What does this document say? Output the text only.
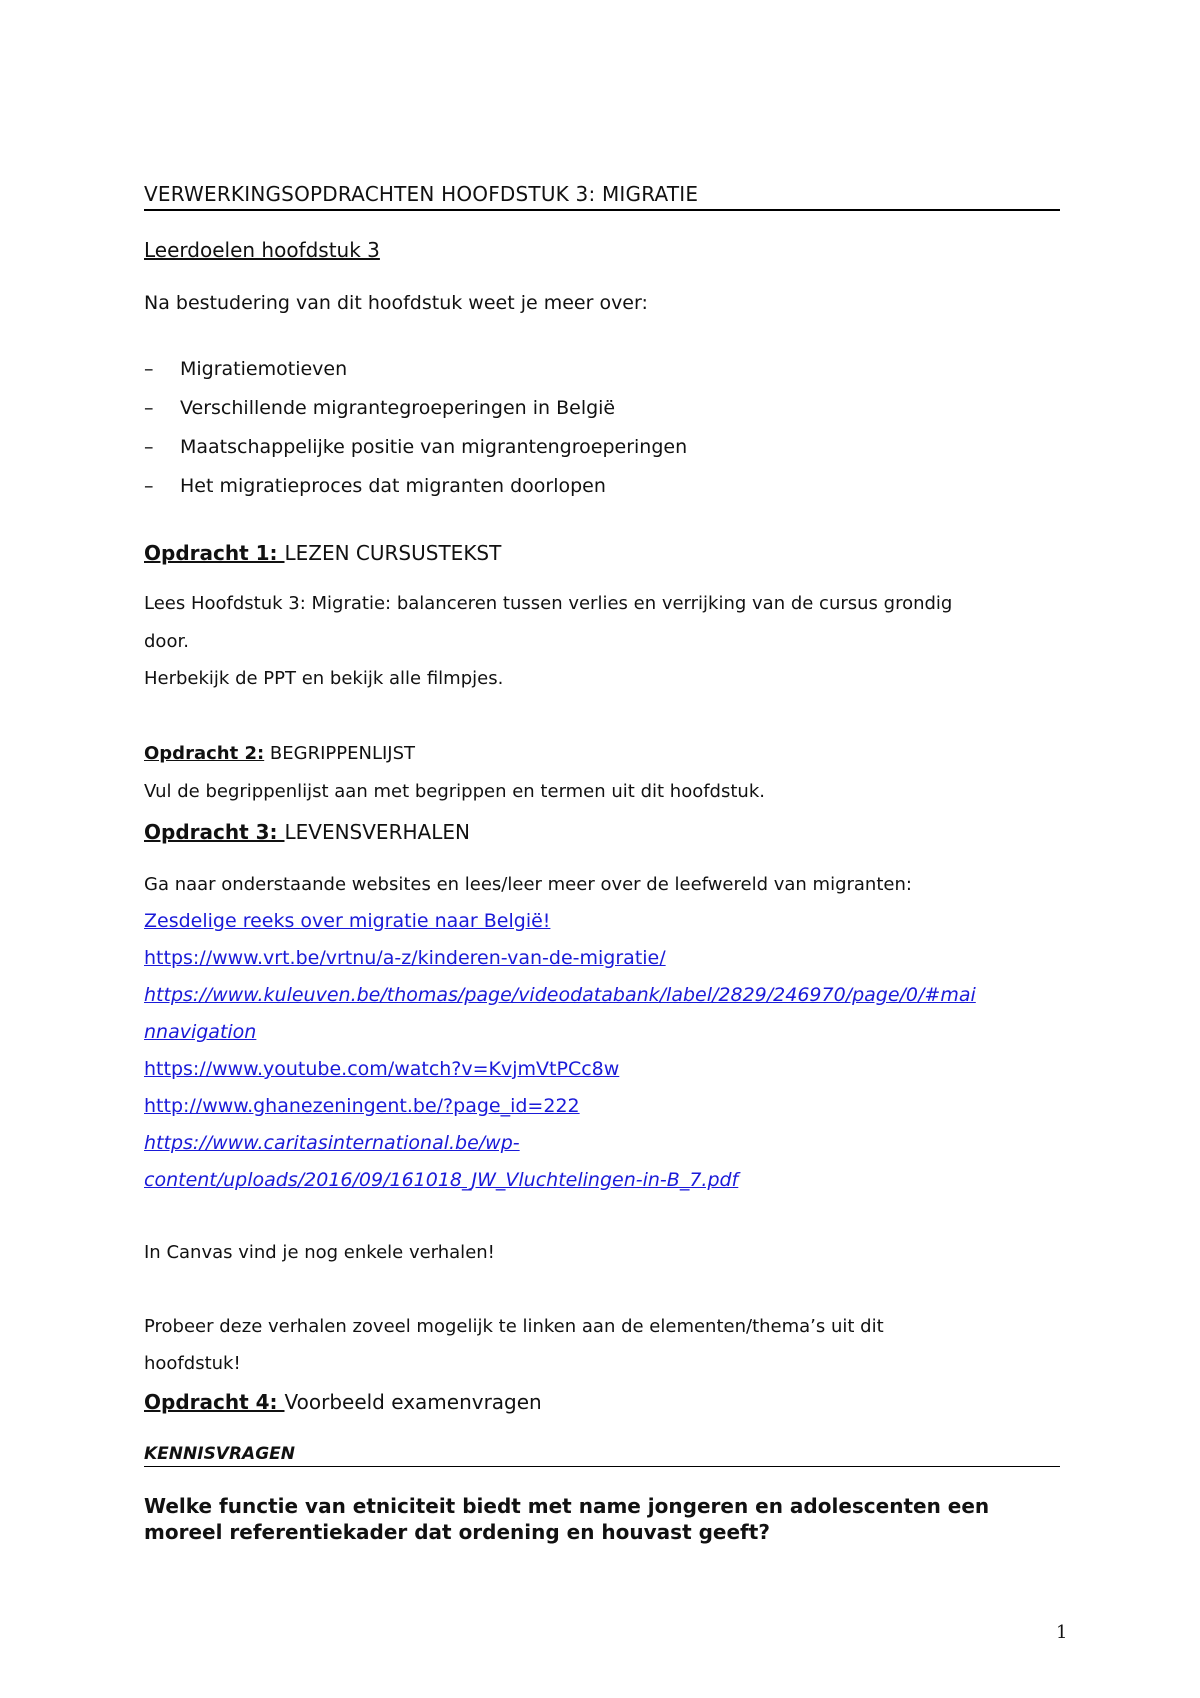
VERWERKINGSOPDRACHTEN HOOFDSTUK 3: MIGRATIE
Leerdoelen hoofdstuk 3
Na bestudering van dit hoofdstuk weet je meer over:
– Migratiemotieven
– Verschillende migrantegroeperingen in België
– Maatschappelijke positie van migrantengroeperingen
– Het migratieproces dat migranten doorlopen
Opdracht 1: LEZEN CURSUSTEKST
Lees Hoofdstuk 3: Migratie: balanceren tussen verlies en verrijking van de cursus grondig
door.
Herbekijk de PPT en bekijk alle filmpjes.
Opdracht 2: BEGRIPPENLIJST
Vul de begrippenlijst aan met begrippen en termen uit dit hoofdstuk.
Opdracht 3: LEVENSVERHALEN
Ga naar onderstaande websites en lees/leer meer over de leefwereld van migranten:
Zesdelige reeks over migratie naar België!
https://www.vrt.be/vrtnu/a-z/kinderen-van-de-migratie/
https://www.kuleuven.be/thomas/page/videodatabank/label/2829/246970/page/0/#mai
nnavigation
https://www.youtube.com/watch?v=KvjmVtPCc8w
http://www.ghanezeningent.be/?page_id=222
https://www.caritasinternational.be/wp-
content/uploads/2016/09/161018_JW_Vluchtelingen-in-B_7.pdf
In Canvas vind je nog enkele verhalen!
Probeer deze verhalen zoveel mogelijk te linken aan de elementen/thema’s uit dit
hoofdstuk!
Opdracht 4: Voorbeeld examenvragen
KENNISVRAGEN
Welke functie van etniciteit biedt met name jongeren en adolescenten een
moreel referentiekader dat ordening en houvast geeft?
1
